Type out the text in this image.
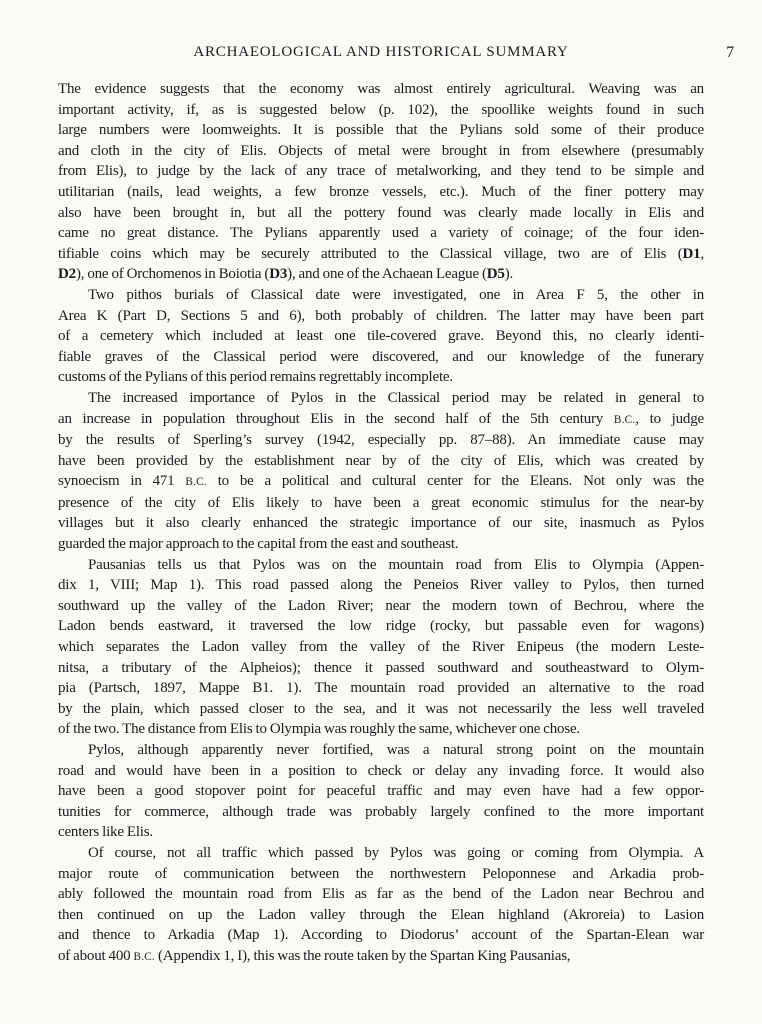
ARCHAEOLOGICAL AND HISTORICAL SUMMARY	7
The evidence suggests that the economy was almost entirely agricultural. Weaving was an
important activity, if, as is suggested below (p. 102), the spoollike weights found in such
large numbers were loomweights. It is possible that the Pylians sold some of their produce
and cloth in the city of Elis. Objects of metal were brought in from elsewhere (presumably
from Elis), to judge by the lack of any trace of metalworking, and they tend to be simple and
utilitarian (nails, lead weights, a few bronze vessels, etc.). Much of the finer pottery may
also have been brought in, but all the pottery found was clearly made locally in Elis and
came no great distance. The Pylians apparently used a variety of coinage; of the four iden-
tifiable coins which may be securely attributed to the Classical village, two are of Elis (D1,
D2), one of Orchomenos in Boiotia (D3), and one of the Achaean League (D5).
Two pithos burials of Classical date were investigated, one in Area F 5, the other in
Area K (Part D, Sections 5 and 6), both probably of children. The latter may have been part
of a cemetery which included at least one tile-covered grave. Beyond this, no clearly identi-
fiable graves of the Classical period were discovered, and our knowledge of the funerary
customs of the Pylians of this period remains regrettably incomplete.
The increased importance of Pylos in the Classical period may be related in general to
an increase in population throughout Elis in the second half of the 5th century B.C., to judge
by the results of Sperling’s survey (1942, especially pp. 87–88). An immediate cause may
have been provided by the establishment near by of the city of Elis, which was created by
synoecism in 471 B.C. to be a political and cultural center for the Eleans. Not only was the
presence of the city of Elis likely to have been a great economic stimulus for the near-by
villages but it also clearly enhanced the strategic importance of our site, inasmuch as Pylos
guarded the major approach to the capital from the east and southeast.
Pausanias tells us that Pylos was on the mountain road from Elis to Olympia (Appen-
dix 1, VIII; Map 1). This road passed along the Peneios River valley to Pylos, then turned
southward up the valley of the Ladon River; near the modern town of Bechrou, where the
Ladon bends eastward, it traversed the low ridge (rocky, but passable even for wagons)
which separates the Ladon valley from the valley of the River Enipeus (the modern Leste-
nitsa, a tributary of the Alpheios); thence it passed southward and southeastward to Olym-
pia (Partsch, 1897, Mappe B1. 1). The mountain road provided an alternative to the road
by the plain, which passed closer to the sea, and it was not necessarily the less well traveled
of the two. The distance from Elis to Olympia was roughly the same, whichever one chose.
Pylos, although apparently never fortified, was a natural strong point on the mountain
road and would have been in a position to check or delay any invading force. It would also
have been a good stopover point for peaceful traffic and may even have had a few oppor-
tunities for commerce, although trade was probably largely confined to the more important
centers like Elis.
Of course, not all traffic which passed by Pylos was going or coming from Olympia. A
major route of communication between the northwestern Peloponnese and Arkadia prob-
ably followed the mountain road from Elis as far as the bend of the Ladon near Bechrou and
then continued on up the Ladon valley through the Elean highland (Akroreia) to Lasion
and thence to Arkadia (Map 1). According to Diodorus’ account of the Spartan-Elean war
of about 400 B.C. (Appendix 1, I), this was the route taken by the Spartan King Pausanias,
